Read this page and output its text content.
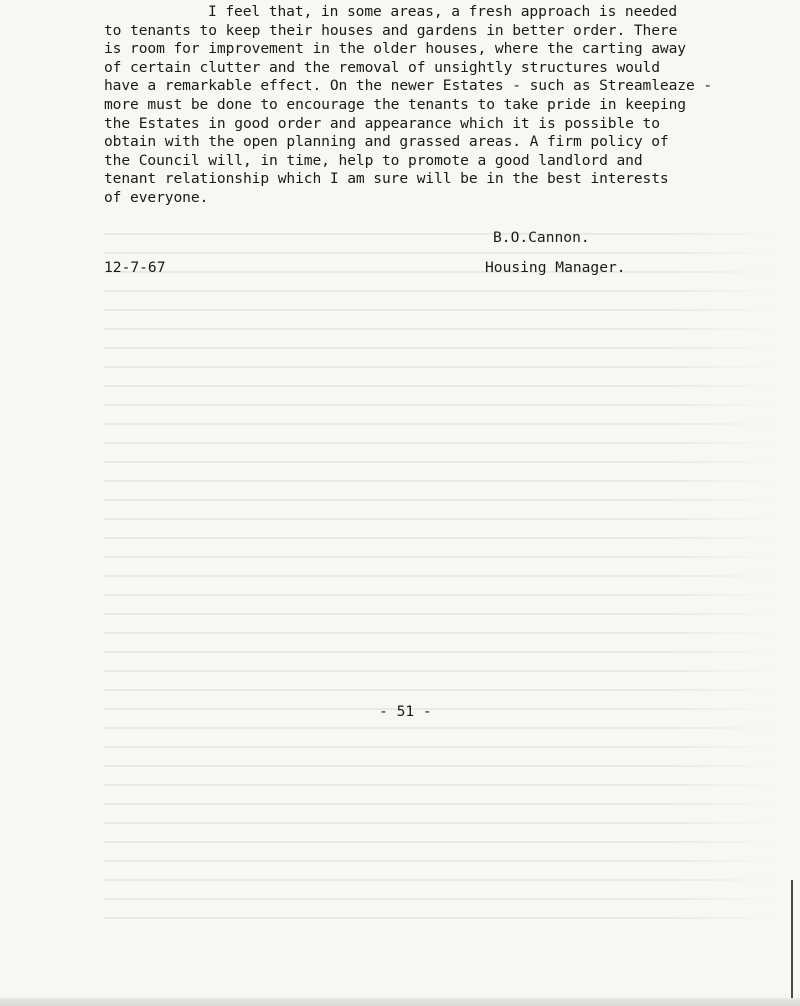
I feel that, in some areas, a fresh approach is needed
to tenants to keep their houses and gardens in better order. There
is room for improvement in the older houses, where the carting away
of certain clutter and the removal of unsightly structures would
have a remarkable effect. On the newer Estates - such as Streamleaze -
more must be done to encourage the tenants to take pride in keeping
the Estates in good order and appearance which it is possible to
obtain with the open planning and grassed areas. A firm policy of
the Council will, in time, help to promote a good landlord and
tenant relationship which I am sure will be in the best interests
of everyone.
B.O.Cannon.
12-7-67	Housing Manager.
- 51 -
